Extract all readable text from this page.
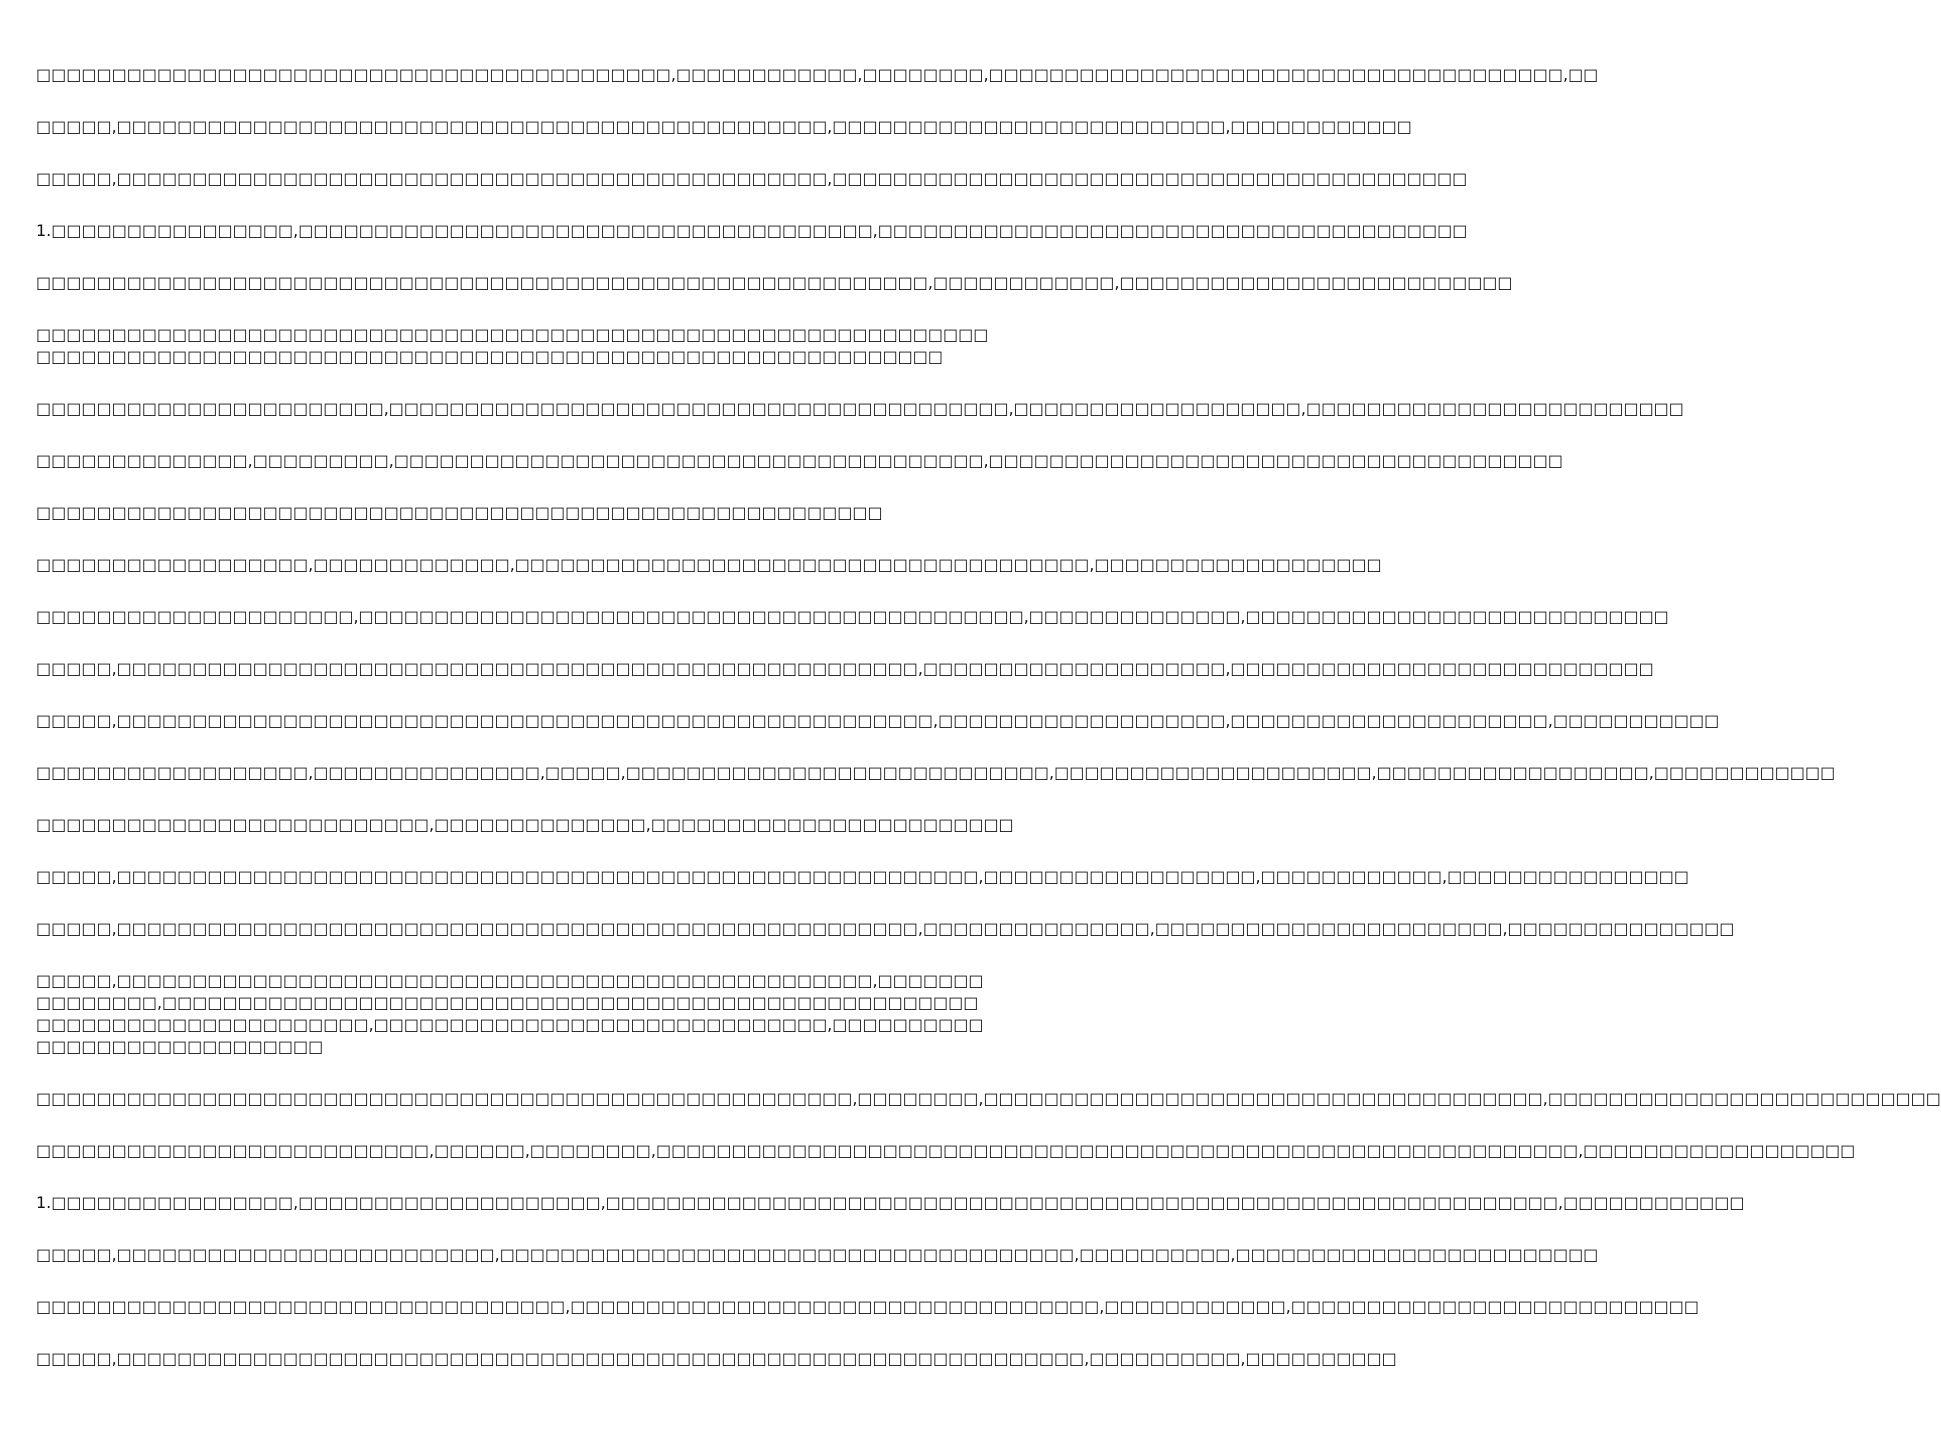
□□□□□□□□□□□□□□□□□□□□□□□□□□□□□□□□□□□□□□□□□□,□□□□□□□□□□□□,□□□□□□□□,□□□□□□□□□□□□□□□□□□□□□□□□□□□□□□□□□□□□□□,□□

□□□□□,□□□□□□□□□□□□□□□□□□□□□□□□□□□□□□□□□□□□□□□□□□□□□□□,□□□□□□□□□□□□□□□□□□□□□□□□□□,□□□□□□□□□□□□

□□□□□,□□□□□□□□□□□□□□□□□□□□□□□□□□□□□□□□□□□□□□□□□□□□□□□,□□□□□□□□□□□□□□□□□□□□□□□□□□□□□□□□□□□□□□□□□□

1.□□□□□□□□□□□□□□□□,□□□□□□□□□□□□□□□□□□□□□□□□□□□□□□□□□□□□□□,□□□□□□□□□□□□□□□□□□□□□□□□□□□□□□□□□□□□□□□

□□□□□□□□□□□□□□□□□□□□□□□□□□□□□□□□□□□□□□□□□□□□□□□□□□□□□□□□□□□,□□□□□□□□□□□□,□□□□□□□□□□□□□□□□□□□□□□□□□□

□□□□□□□□□□□□□□□□□□□□□□□□□□□□□□□□□□□□□□□□□□□□□□□□□□□□□□□□□□□□□□□□□□□□□□□□□□□□□□□□□□□□□□□□□□□□□□□□□□□□□□□□□□□□□□□□□□□□□□□□□□□

□□□□□□□□□□□□□□□□□□□□□□□,□□□□□□□□□□□□□□□□□□□□□□□□□□□□□□□□□□□□□□□□□,□□□□□□□□□□□□□□□□□□□,□□□□□□□□□□□□□□□□□□□□□□□□□

□□□□□□□□□□□□□□,□□□□□□□□□,□□□□□□□□□□□□□□□□□□□□□□□□□□□□□□□□□□□□□□□,□□□□□□□□□□□□□□□□□□□□□□□□□□□□□□□□□□□□□□

□□□□□□□□□□□□□□□□□□□□□□□□□□□□□□□□□□□□□□□□□□□□□□□□□□□□□□□□

□□□□□□□□□□□□□□□□□□,□□□□□□□□□□□□□,□□□□□□□□□□□□□□□□□□□□□□□□□□□□□□□□□□□□□□,□□□□□□□□□□□□□□□□□□□

□□□□□□□□□□□□□□□□□□□□□,□□□□□□□□□□□□□□□□□□□□□□□□□□□□□□□□□□□□□□□□□□□□,□□□□□□□□□□□□□□,□□□□□□□□□□□□□□□□□□□□□□□□□□□□

□□□□□,□□□□□□□□□□□□□□□□□□□□□□□□□□□□□□□□□□□□□□□□□□□□□□□□□□□□□,□□□□□□□□□□□□□□□□□□□□,□□□□□□□□□□□□□□□□□□□□□□□□□□□□

□□□□□,□□□□□□□□□□□□□□□□□□□□□□□□□□□□□□□□□□□□□□□□□□□□□□□□□□□□□□,□□□□□□□□□□□□□□□□□□□,□□□□□□□□□□□□□□□□□□□□□,□□□□□□□□□□□

□□□□□□□□□□□□□□□□□□,□□□□□□□□□□□□□□□,□□□□□,□□□□□□□□□□□□□□□□□□□□□□□□□□□□,□□□□□□□□□□□□□□□□□□□□□,□□□□□□□□□□□□□□□□□□,□□□□□□□□□□□□

□□□□□□□□□□□□□□□□□□□□□□□□□□,□□□□□□□□□□□□□□,□□□□□□□□□□□□□□□□□□□□□□□□

□□□□□,□□□□□□□□□□□□□□□□□□□□□□□□□□□□□□□□□□□□□□□□□□□□□□□□□□□□□□□□□,□□□□□□□□□□□□□□□□□□,□□□□□□□□□□□□,□□□□□□□□□□□□□□□□

□□□□□,□□□□□□□□□□□□□□□□□□□□□□□□□□□□□□□□□□□□□□□□□□□□□□□□□□□□□,□□□□□□□□□□□□□□□,□□□□□□□□□□□□□□□□□□□□□□□,□□□□□□□□□□□□□□□

□□□□□,□□□□□□□□□□□□□□□□□□□□□□□□□□□□□□□□□□□□□□□□□□□□□□□□□□,□□□□□□□□□□□□□□□,□□□□□□□□□□□□□□□□□□□□□□□□□□□□□□□□□□□□□□□□□□□□□□□□□□□□□□□□□□□□□□□□□□□□□□□□□□□□,□□□□□□□□□□□□□□□□□□□□□□□□□□□□□□,□□□□□□□□□□□□□□□□□□□□□□□□□□□□□

□□□□□□□□□□□□□□□□□□□□□□□□□□□□□□□□□□□□□□□□□□□□□□□□□□□□□□,□□□□□□□□,□□□□□□□□□□□□□□□□□□□□□□□□□□□□□□□□□□□□□,□□□□□□□□□□□□□□□□□□□□□□□□□□

□□□□□□□□□□□□□□□□□□□□□□□□□□,□□□□□□,□□□□□□□□,□□□□□□□□□□□□□□□□□□□□□□□□□□□□□□□□□□□□□□□□□□□□□□□□□□□□□□□□□□□□□,□□□□□□□□□□□□□□□□□□

1.□□□□□□□□□□□□□□□□,□□□□□□□□□□□□□□□□□□□□,□□□□□□□□□□□□□□□□□□□□□□□□□□□□□□□□□□□□□□□□□□□□□□□□□□□□□□□□□□□□□□□,□□□□□□□□□□□□

□□□□□,□□□□□□□□□□□□□□□□□□□□□□□□□,□□□□□□□□□□□□□□□□□□□□□□□□□□□□□□□□□□□□□□,□□□□□□□□□□,□□□□□□□□□□□□□□□□□□□□□□□□

□□□□□□□□□□□□□□□□□□□□□□□□□□□□□□□□□□□,□□□□□□□□□□□□□□□□□□□□□□□□□□□□□□□□□□□,□□□□□□□□□□□□,□□□□□□□□□□□□□□□□□□□□□□□□□□□

□□□□□,□□□□□□□□□□□□□□□□□□□□□□□□□□□□□□□□□□□□□□□□□□□□□□□□□□□□□□□□□□□□□□□□,□□□□□□□□□□,□□□□□□□□□□
